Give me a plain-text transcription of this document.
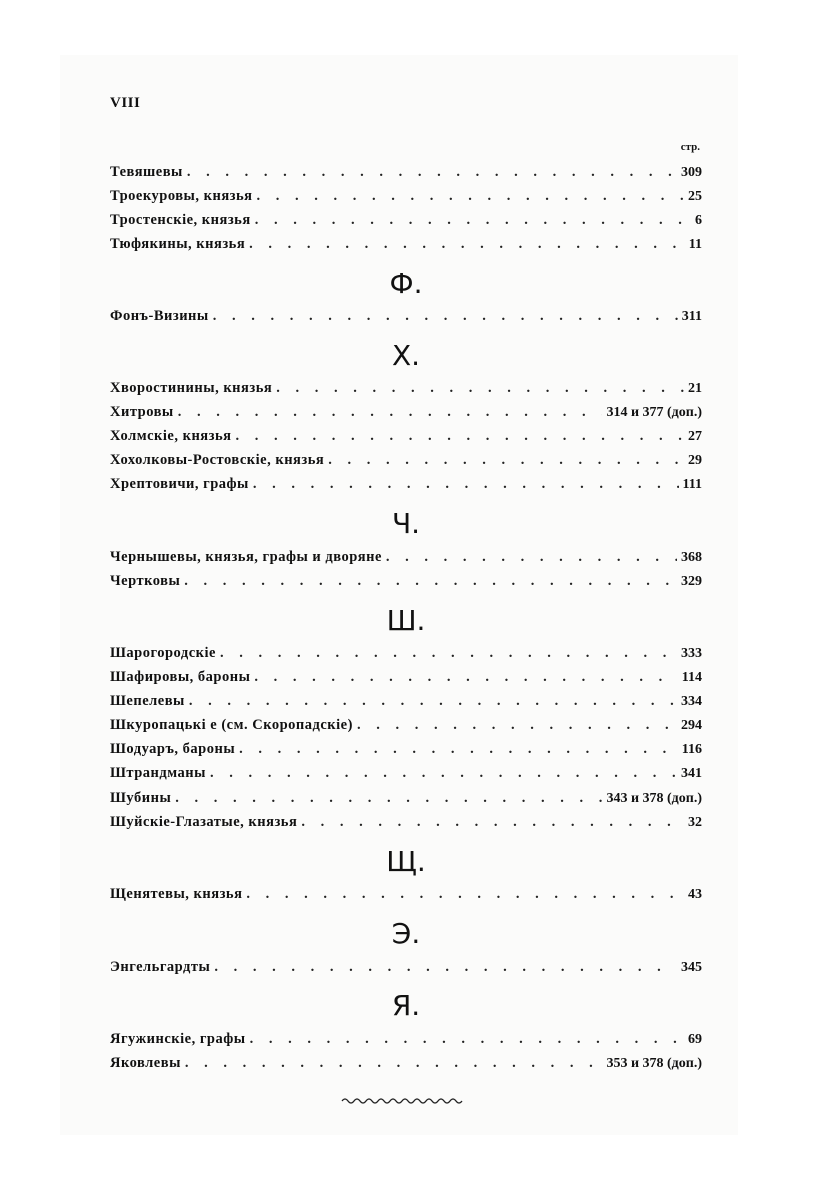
VIII
стр.
Тевяшевы . . .	309
Троекуровы, князья . . .	25
Тростенскіе, князья . . .	6
Тюфякины, князья . . .	11
Ф.
Фонъ-Визины . . .	311
Х.
Хворостинины, князья . . .	21
Хитровы . . .	314 и 377 (доп.)
Холмскіе, князья . . .	27
Хохолковы-Ростовскіе, князья . . .	29
Хрептовичи, графы . . .	111
Ч.
Чернышевы, князья, графы и дворяне . . .	368
Чертковы . . .	329
Ш.
Шарогородскіе . . .	333
Шафировы, бароны . . .	114
Шепелевы . . .	334
Шкуропацькі е (см. Скоропадскіе) . . .	294
Шодуаръ, бароны . . .	116
Штрандманы . . .	341
Шубины . . .	343 и 378 (доп.)
Шуйскіе-Глазатые, князья . . .	32
Щ.
Щенятевы, князья . . .	43
Э.
Энгельгардты . . .	345
Я.
Ягужинскіе, графы . . .	69
Яковлевы . . .	353 и 378 (доп.)
